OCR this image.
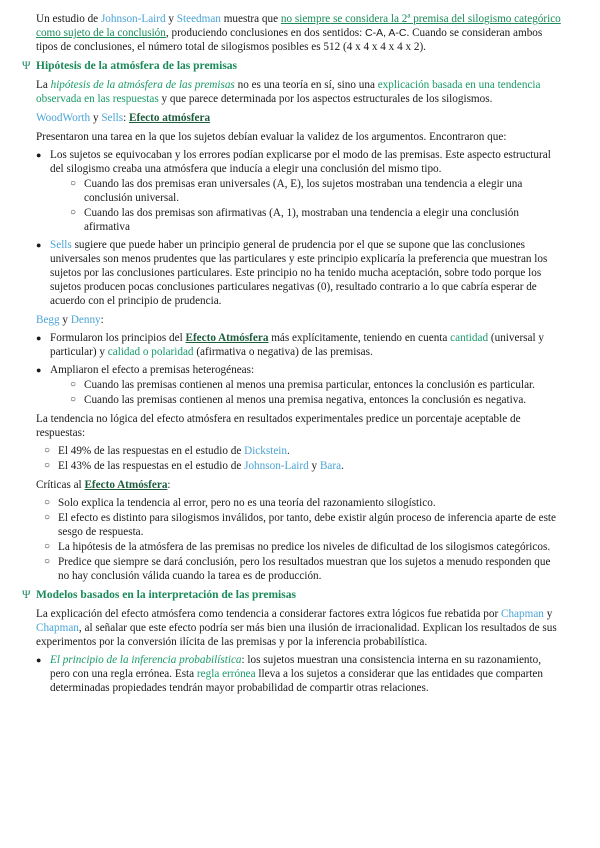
Un estudio de Johnson-Laird y Steedman muestra que no siempre se considera la 2ª premisa del silogismo categórico como sujeto de la conclusión, produciendo conclusiones en dos sentidos: C-A, A-C. Cuando se consideran ambos tipos de conclusiones, el número total de silogismos posibles es 512 (4 x 4 x 4 x 4 x 2).

Ψ Hipótesis de la atmósfera de las premisas

La hipótesis de la atmósfera de las premisas no es una teoría en sí, sino una explicación basada en una tendencia observada en las respuestas y que parece determinada por los aspectos estructurales de los silogismos.

WoodWorth y Sells: Efecto atmósfera

Presentaron una tarea en la que los sujetos debían evaluar la validez de los argumentos. Encontraron que:

● Los sujetos se equivocaban y los errores podían explicarse por el modo de las premisas. Este aspecto estructural del silogismo creaba una atmósfera que inducía a elegir una conclusión del mismo tipo.
○ Cuando las dos premisas eran universales (A, E), los sujetos mostraban una tendencia a elegir una conclusión universal.
○ Cuando las dos premisas son afirmativas (A, 1), mostraban una tendencia a elegir una conclusión afirmativa
● Sells sugiere que puede haber un principio general de prudencia por el que se supone que las conclusiones universales son menos prudentes que las particulares y este principio explicaría la preferencia que muestran los sujetos por las conclusiones particulares. Este principio no ha tenido mucha aceptación, sobre todo porque los sujetos producen pocas conclusiones particulares negativas (0), resultado contrario a lo que cabría esperar de acuerdo con el principio de prudencia.

Begg y Denny:

● Formularon los principios del Efecto Atmósfera más explícitamente, teniendo en cuenta cantidad (universal y particular) y calidad o polaridad (afirmativa o negativa) de las premisas.
● Ampliaron el efecto a premisas heterogéneas:
○ Cuando las premisas contienen al menos una premisa particular, entonces la conclusión es particular.
○ Cuando las premisas contienen al menos una premisa negativa, entonces la conclusión es negativa.

La tendencia no lógica del efecto atmósfera en resultados experimentales predice un porcentaje aceptable de respuestas:

○ El 49% de las respuestas en el estudio de Dickstein.
○ El 43% de las respuestas en el estudio de Johnson-Laird y Bara.

Críticas al Efecto Atmósfera:

○ Solo explica la tendencia al error, pero no es una teoría del razonamiento silogístico.
○ El efecto es distinto para silogismos inválidos, por tanto, debe existir algún proceso de inferencia aparte de este sesgo de respuesta.
○ La hipótesis de la atmósfera de las premisas no predice los niveles de dificultad de los silogismos categóricos.
○ Predice que siempre se dará conclusión, pero los resultados muestran que los sujetos a menudo responden que no hay conclusión válida cuando la tarea es de producción.
Ψ Modelos basados en la interpretación de las premisas

La explicación del efecto atmósfera como tendencia a considerar factores extra lógicos fue rebatida por Chapman y Chapman, al señalar que este efecto podría ser más bien una ilusión de irracionalidad. Explican los resultados de sus experimentos por la conversión ilícita de las premisas y por la inferencia probabilística.

● El principio de la inferencia probabilística: los sujetos muestran una consistencia interna en su razonamiento, pero con una regla errónea. Esta regla errónea lleva a los sujetos a considerar que las entidades que comparten determinadas propiedades tendrán mayor probabilidad de compartir otras relaciones.
